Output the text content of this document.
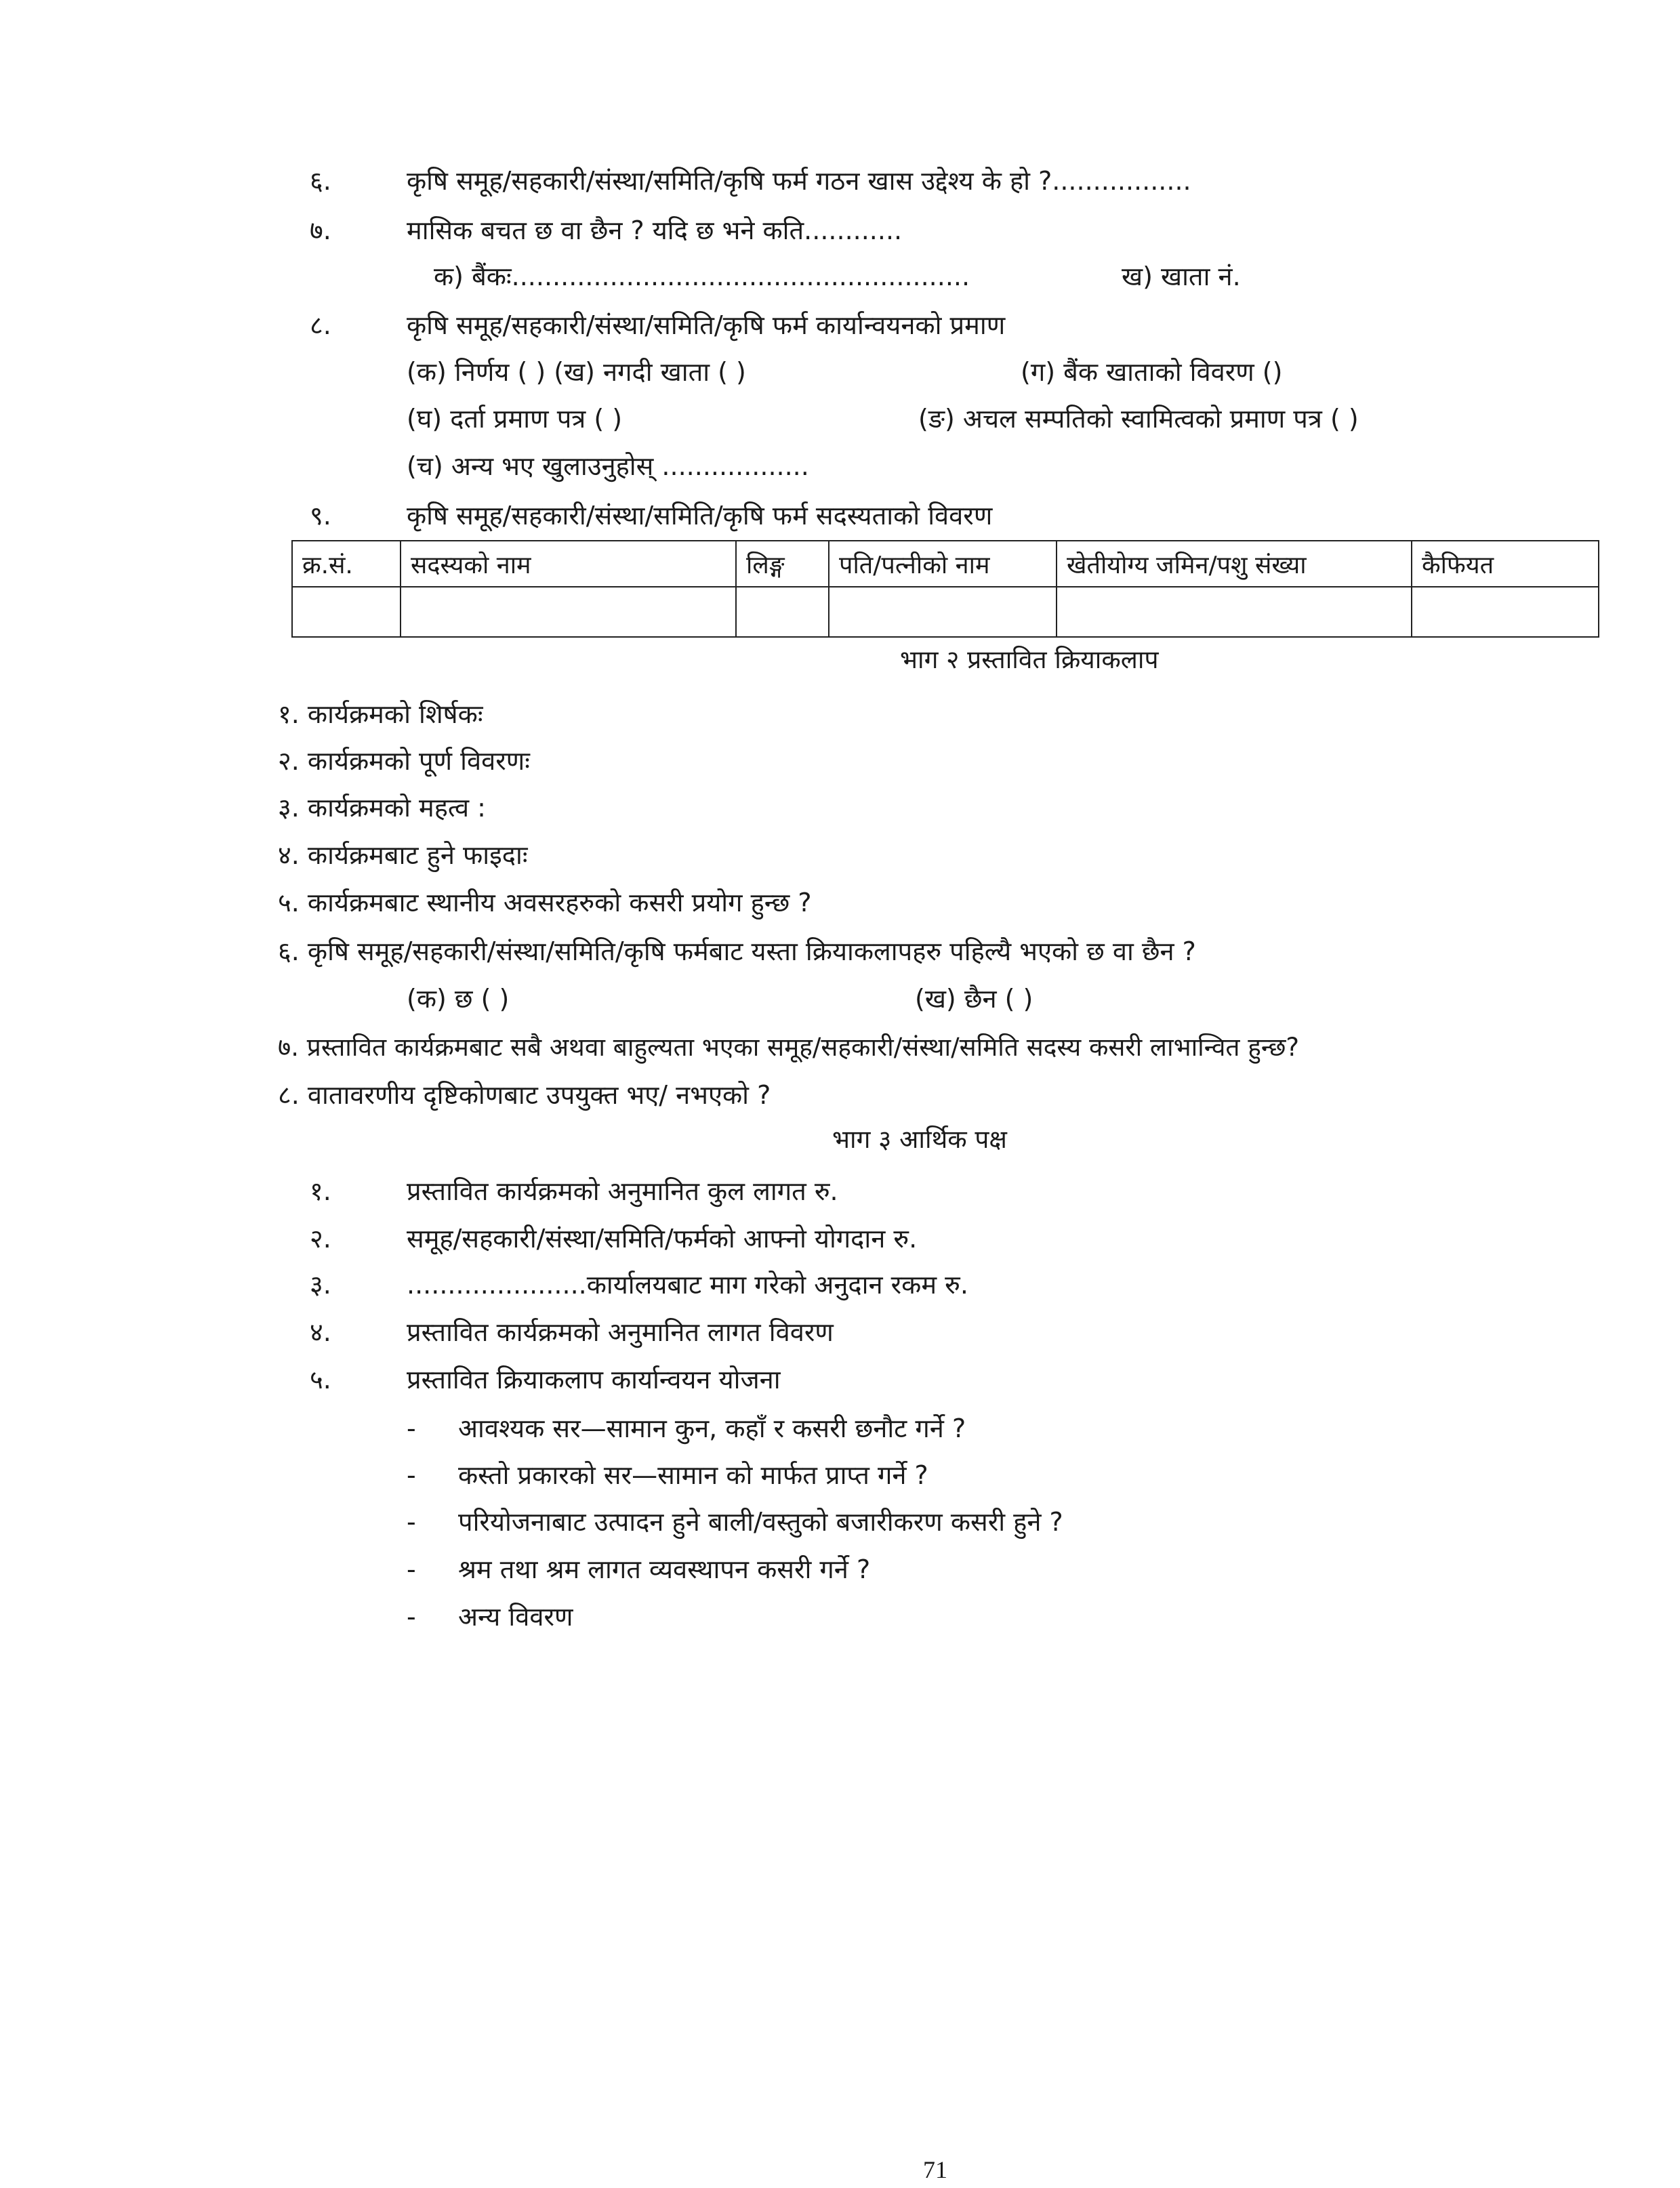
६.	कृषि समूह/सहकारी/संस्था/समिति/कृषि फर्म गठन खास उद्देश्य के हो ?.................
७.	मासिक बचत छ वा छैन ? यदि छ भने कति............
क) बैंकः........................................................	ख) खाता नं.
८.	कृषि समूह/सहकारी/संस्था/समिति/कृषि फर्म कार्यान्वयनको प्रमाण
(क) निर्णय ( ) (ख) नगदी खाता ( )	(ग) बैंक खाताको विवरण ()
(घ) दर्ता प्रमाण पत्र ( )	(ङ) अचल सम्पतिको स्वामित्वको प्रमाण पत्र ( )
(च) अन्य भए खुलाउनुहोस् ..................
९.	कृषि समूह/सहकारी/संस्था/समिति/कृषि फर्म सदस्यताको विवरण
क्र.सं.	सदस्यको नाम	लिङ्ग	पति/पत्नीको नाम	खेतीयोग्य जमिन/पशु संख्या	कैफियत

भाग २ प्रस्तावित क्रियाकलाप
१. कार्यक्रमको शिर्षकः
२. कार्यक्रमको पूर्ण विवरणः
३. कार्यक्रमको महत्व :
४. कार्यक्रमबाट हुने फाइदाः
५. कार्यक्रमबाट स्थानीय अवसरहरुको कसरी प्रयोग हुन्छ ?
६. कृषि समूह/सहकारी/संस्था/समिति/कृषि फर्मबाट यस्ता क्रियाकलापहरु पहिल्यै भएको छ वा छैन ?
(क) छ ( )	(ख) छैन ( )
७. प्रस्तावित कार्यक्रमबाट सबै अथवा बाहुल्यता भएका समूह/सहकारी/संस्था/समिति सदस्य कसरी लाभान्वित हुन्छ?
८. वातावरणीय दृष्टिकोणबाट उपयुक्त भए/ नभएको ?
भाग ३ आर्थिक पक्ष
१.	प्रस्तावित कार्यक्रमको अनुमानित कुल लागत रु.
२.	समूह/सहकारी/संस्था/समिति/फर्मको आफ्नो योगदान रु.
३.	......................कार्यालयबाट माग गरेको अनुदान रकम रु.
४.	प्रस्तावित कार्यक्रमको अनुमानित लागत विवरण
५.	प्रस्तावित क्रियाकलाप कार्यान्वयन योजना
- आवश्यक सर—सामान कुन, कहाँ र कसरी छनौट गर्ने ?
- कस्तो प्रकारको सर—सामान को मार्फत प्राप्त गर्ने ?
- परियोजनाबाट उत्पादन हुने बाली/वस्तुको बजारीकरण कसरी हुने ?
- श्रम तथा श्रम लागत व्यवस्थापन कसरी गर्ने ?
- अन्य विवरण
71
